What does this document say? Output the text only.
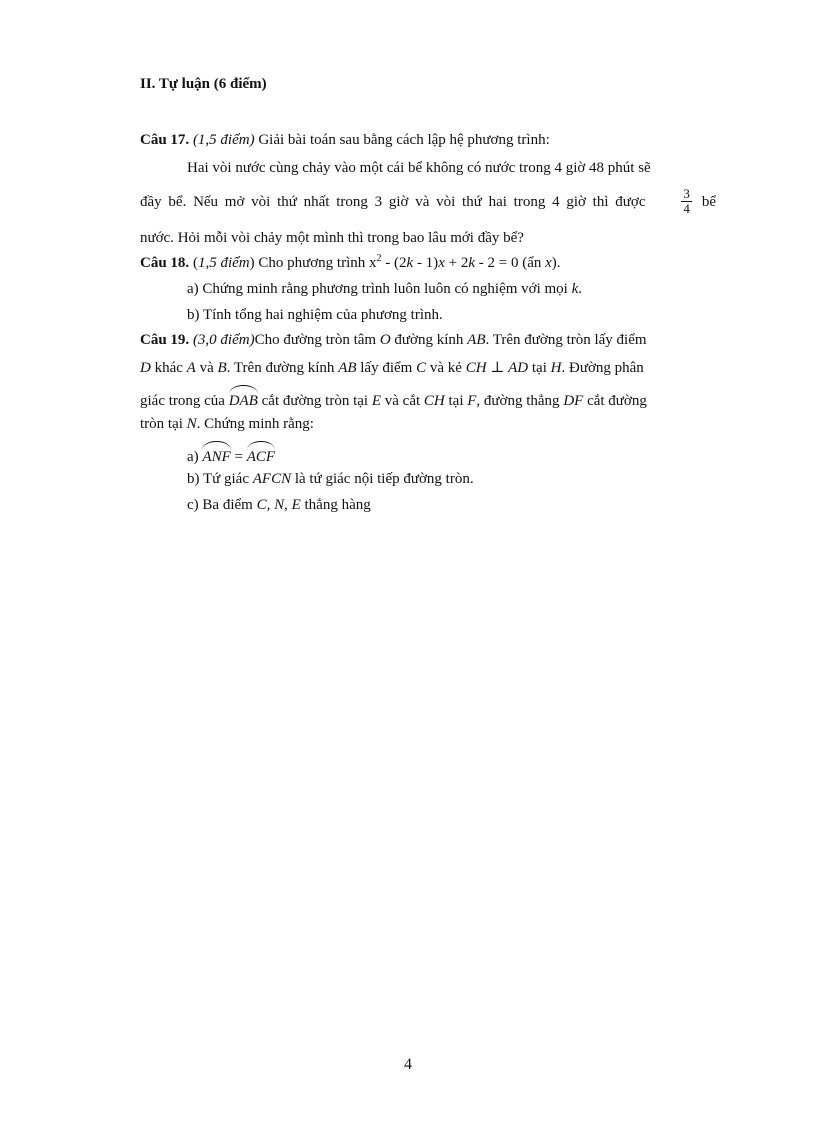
II. Tự luận (6 điểm)
Câu 17. (1,5 điểm) Giải bài toán sau bằng cách lập hệ phương trình:
Hai vòi nước cùng chảy vào một cái bể không có nước trong 4 giờ 48 phút sẽ
đầy bể. Nếu mở vòi thứ nhất trong 3 giờ và vòi thứ hai trong 4 giờ thì được	$\frac{3}{4}$ bể
nước. Hỏi mỗi vòi chảy một mình thì trong bao lâu mới đầy bể?
Câu 18. (1,5 điểm) Cho phương trình $x^2 - (2k - 1)x + 2k - 2 = 0$ (ẩn x).
a) Chứng minh rằng phương trình luôn luôn có nghiệm với mọi k.
b) Tính tổng hai nghiệm của phương trình.
Câu 19. (3,0 điểm)Cho đường tròn tâm O đường kính AB. Trên đường tròn lấy điểm
D khác A và B. Trên đường kính AB lấy điểm C và kẻ CH ⊥ AD tại H. Đường phân
giác trong của DAB cắt đường tròn tại E và cắt CH tại F, đường thẳng DF cắt đường
tròn tại N. Chứng minh rằng:
a) ANF = ACF
b) Tứ giác AFCN là tứ giác nội tiếp đường tròn.
c) Ba điểm C, N, E thẳng hàng
4
